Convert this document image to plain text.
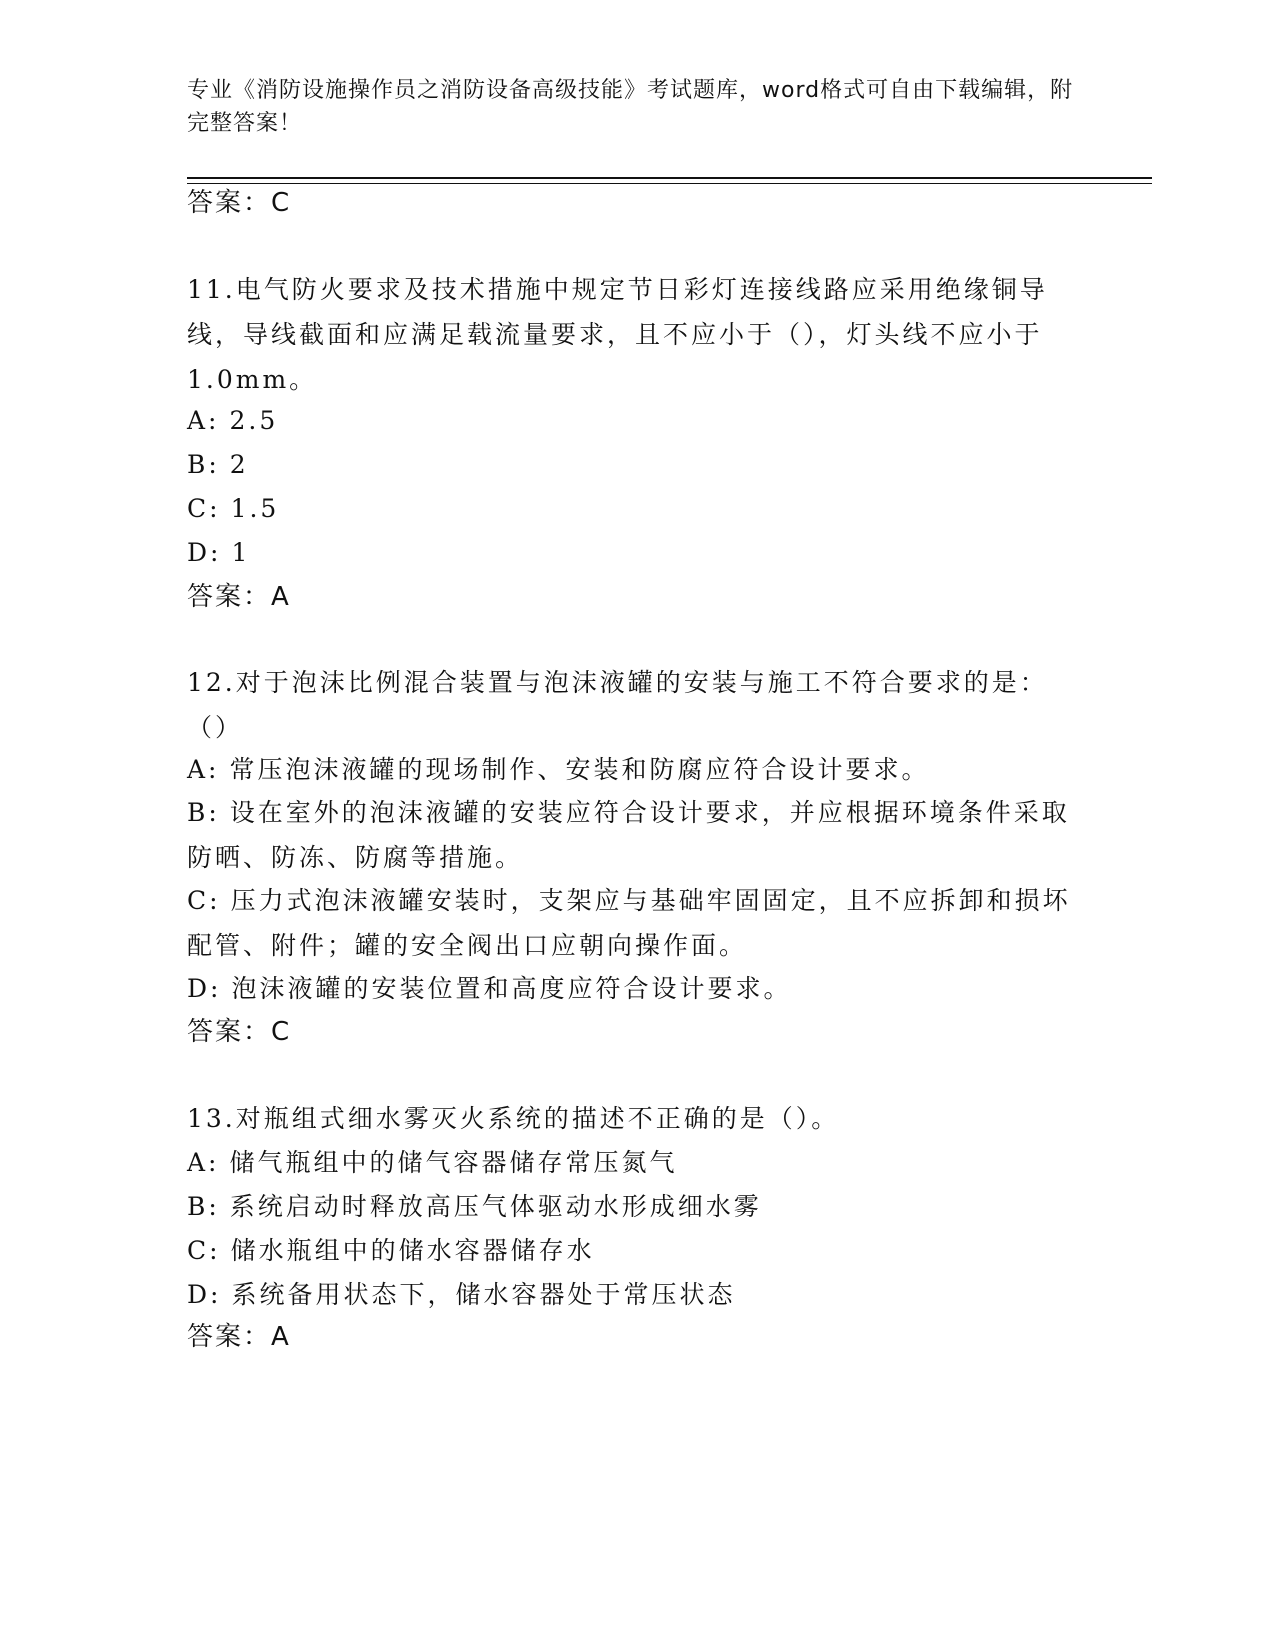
专业《消防设施操作员之消防设备高级技能》考试题库，word格式可自由下载编辑，附完整答案！
答案：C
11.电气防火要求及技术措施中规定节日彩灯连接线路应采用绝缘铜导线，导线截面和应满足载流量要求，且不应小于（），灯头线不应小于1.0mm。
A: 2.5
B: 2
C: 1.5
D: 1
答案：A
12.对于泡沫比例混合装置与泡沫液罐的安装与施工不符合要求的是：（）
A: 常压泡沫液罐的现场制作、安装和防腐应符合设计要求。
B: 设在室外的泡沫液罐的安装应符合设计要求，并应根据环境条件采取防晒、防冻、防腐等措施。
C: 压力式泡沫液罐安装时，支架应与基础牢固固定，且不应拆卸和损坏配管、附件；罐的安全阀出口应朝向操作面。
D: 泡沫液罐的安装位置和高度应符合设计要求。
答案：C
13.对瓶组式细水雾灭火系统的描述不正确的是（）。
A: 储气瓶组中的储气容器储存常压氮气
B: 系统启动时释放高压气体驱动水形成细水雾
C: 储水瓶组中的储水容器储存水
D: 系统备用状态下，储水容器处于常压状态
答案：A
